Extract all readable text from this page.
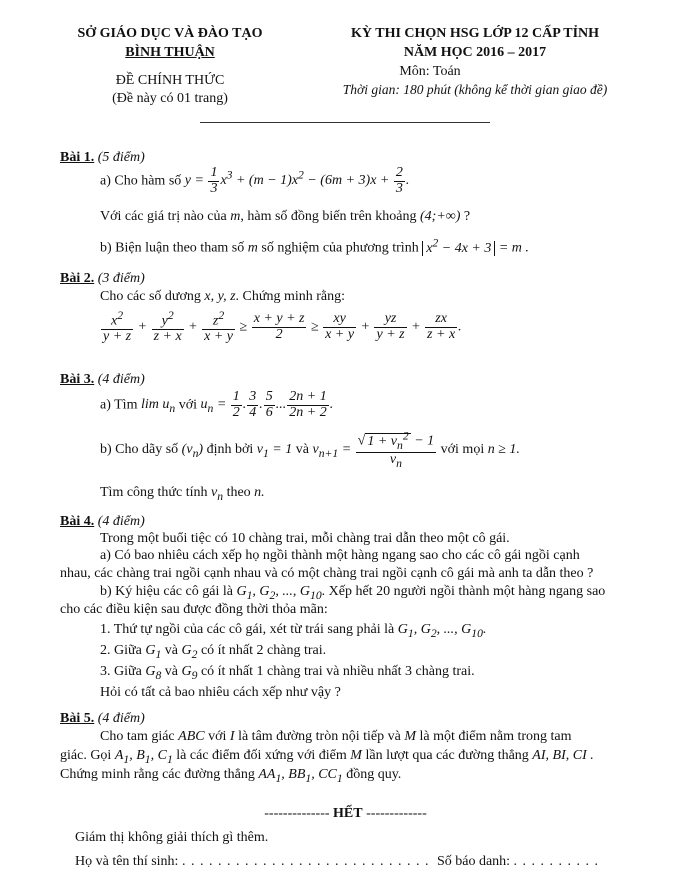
SỞ GIÁO DỤC VÀ ĐÀO TẠO
BÌNH THUẬN
ĐỀ CHÍNH THỨC
(Đề này có 01 trang)
KỲ THI CHỌN HSG LỚP 12 CẤP TỈNH
NĂM HỌC 2016 – 2017
Môn: Toán
Thời gian: 180 phút (không kể thời gian giao đề)
Bài 1. (5 điểm)
a) Cho hàm số $y = \frac{1}{3} x^3 + (m - 1)x^2 - (6m + 3)x + \frac{2}{3}$ .
Với các giá trị nào của m, hàm số đồng biến trên khoảng (4;+∞) ?
b) Biện luận theo tham số m số nghiệm của phương trình $x^2 - 4x + 3 = m$ .
Bài 2. (3 điểm)
Cho các số dương x, y, z. Chứng minh rằng:
$\frac{x^2}{y + z} + \frac{y^2}{z + x} + \frac{z^2}{x + y} \ge \frac{x + y + z}{2} \ge \frac{xy}{x + y} + \frac{yz}{y + z} + \frac{zx}{z + x}$ .
Bài 3. (4 điểm)
a) Tìm $\lim u_n$ với $u_n = \frac{1}{2}$ . $\frac{3}{4}$ . $\frac{5}{6}$ ... $\frac{2n + 1}{2n + 2}$ .
b) Cho dãy số $(v_n)$ định bởi $v_1 = 1$ và $v_{n+1} = \frac{√ 1 + v_n^2 - 1}{v_n}$ với mọi n ≥ 1.
Tìm công thức tính $v_n$ theo n.
Bài 4. (4 điểm)
Trong một buổi tiệc có 10 chàng trai, mỗi chàng trai dẫn theo một cô gái.
a) Có bao nhiêu cách xếp họ ngồi thành một hàng ngang sao cho các cô gái ngồi cạnh
nhau, các chàng trai ngồi cạnh nhau và có một chàng trai ngồi cạnh cô gái mà anh ta dẫn theo ?
b) Ký hiệu các cô gái là $G_1$, $G_2$, ..., $G_{10}$. Xếp hết 20 người ngồi thành một hàng ngang sao
cho các điều kiện sau được đồng thời thỏa mãn:
1. Thứ tự ngồi của các cô gái, xét từ trái sang phải là $G_1$, $G_2$, ..., $G_{10}$.
2. Giữa $G_1$ và $G_2$ có ít nhất 2 chàng trai.
3. Giữa $G_8$ và $G_9$ có ít nhất 1 chàng trai và nhiều nhất 3 chàng trai.
Hỏi có tất cả bao nhiêu cách xếp như vậy ?
Bài 5. (4 điểm)
Cho tam giác ABC với I là tâm đường tròn nội tiếp và M là một điểm nằm trong tam
giác. Gọi $A_1$, $B_1$, $C_1$ là các điểm đối xứng với điểm M lần lượt qua các đường thẳng AI, BI, CI .
Chứng minh rằng các đường thẳng $AA_1$, $BB_1$, $CC_1$ đồng quy.
-------------- HẾT -------------
Giám thị không giải thích gì thêm.
Họ và tên thí sinh: . . . . . . . . . . . . . . . . . . . . . . . . . . . . Số báo danh: . . . . . . . . . .
